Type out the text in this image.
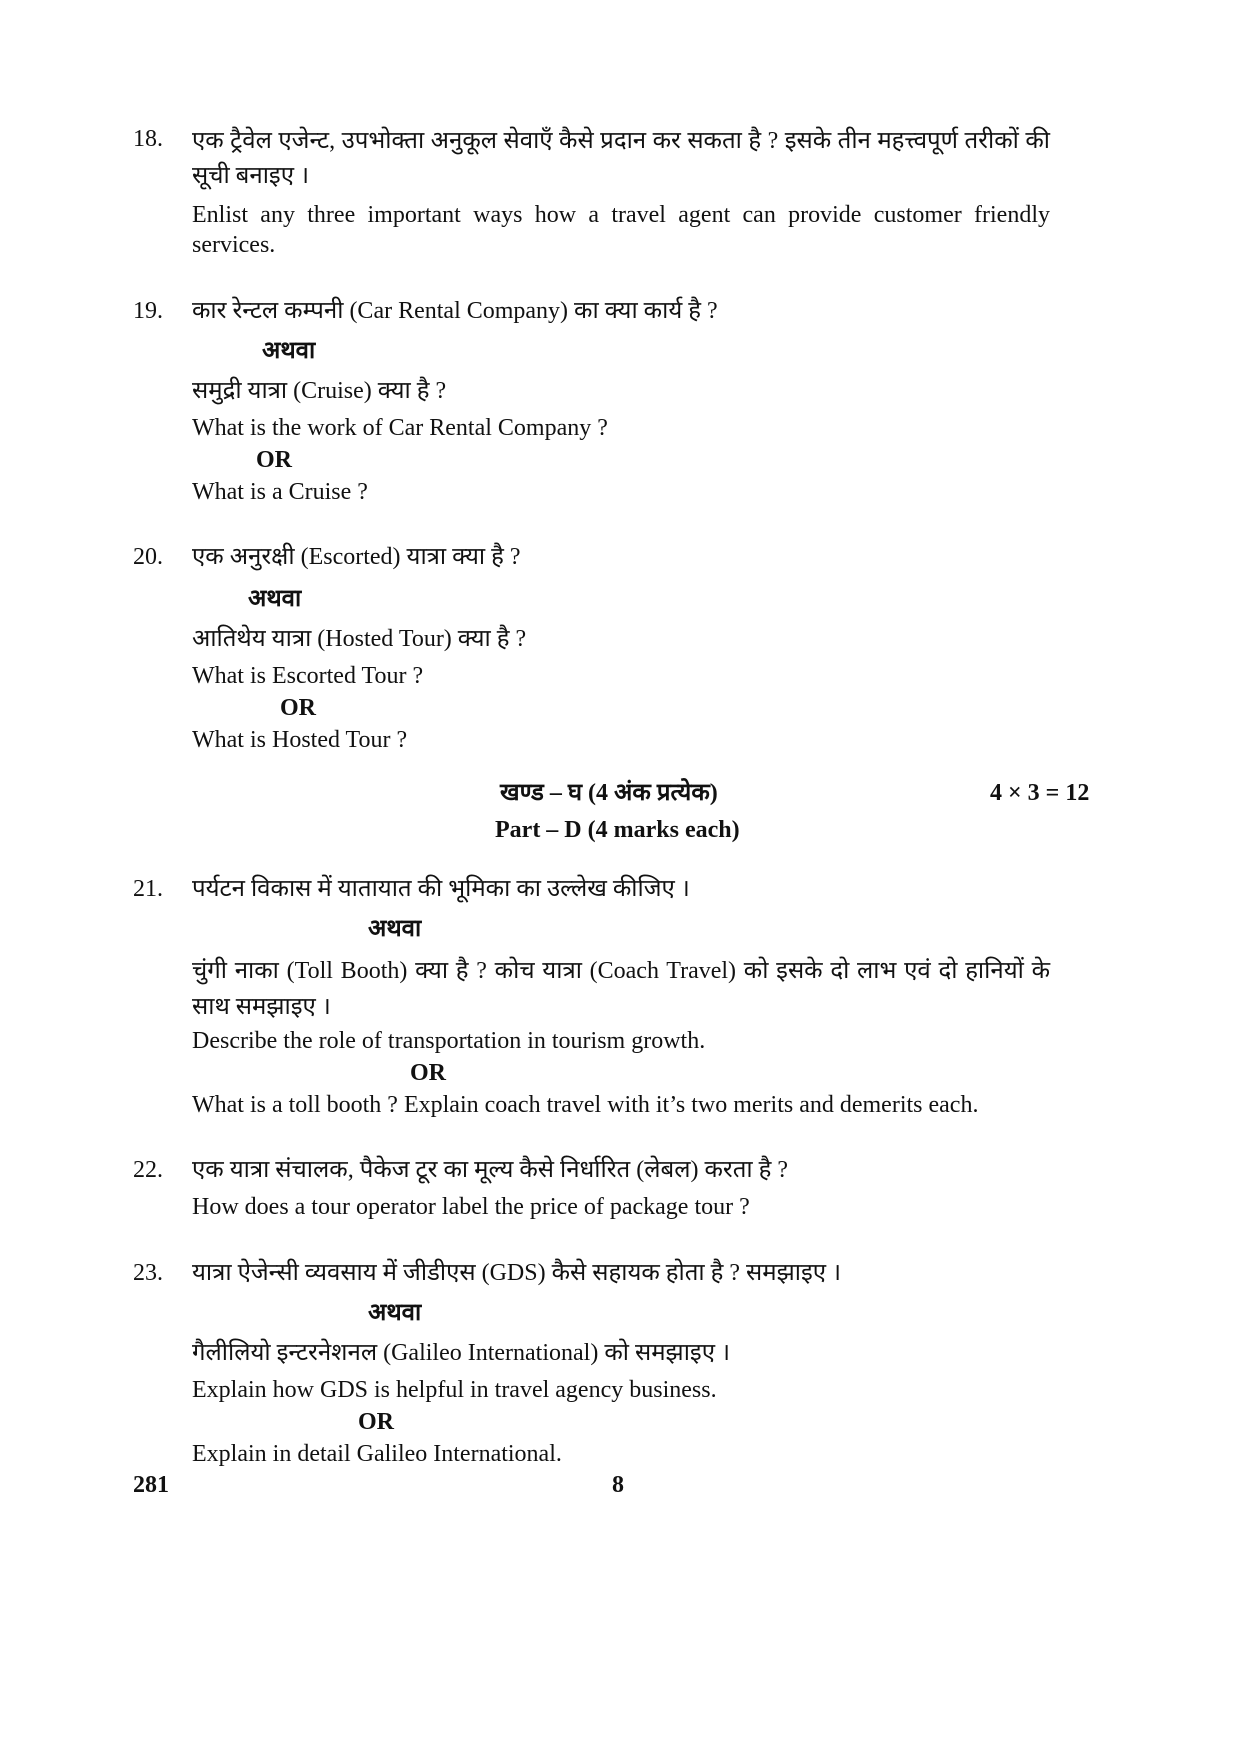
18. एक ट्रैवेल एजेन्ट, उपभोक्ता अनुकूल सेवाएँ कैसे प्रदान कर सकता है ? इसके तीन महत्त्वपूर्ण तरीकों की सूची बनाइए ।
Enlist any three important ways how a travel agent can provide customer friendly services.
19. कार रेन्टल कम्पनी (Car Rental Company) का क्या कार्य है ?
अथवा
समुद्री यात्रा (Cruise) क्या है ?
What is the work of Car Rental Company ?
OR
What is a Cruise ?
20. एक अनुरक्षी (Escorted) यात्रा क्या है ?
अथवा
आतिथेय यात्रा (Hosted Tour) क्या है ?
What is Escorted Tour ?
OR
What is Hosted Tour ?
खण्ड – घ (4 अंक प्रत्येक)	4 × 3 = 12
Part – D (4 marks each)
21. पर्यटन विकास में यातायात की भूमिका का उल्लेख कीजिए ।
अथवा
चुंगी नाका (Toll Booth) क्या है ? कोच यात्रा (Coach Travel) को इसके दो लाभ एवं दो हानियों के साथ समझाइए ।
Describe the role of transportation in tourism growth.
OR
What is a toll booth ? Explain coach travel with it’s two merits and demerits each.
22. एक यात्रा संचालक, पैकेज टूर का मूल्य कैसे निर्धारित (लेबल) करता है ?
How does a tour operator label the price of package tour ?
23. यात्रा ऐजेन्सी व्यवसाय में जीडीएस (GDS) कैसे सहायक होता है ? समझाइए ।
अथवा
गैलीलियो इन्टरनेशनल (Galileo International) को समझाइए ।
Explain how GDS is helpful in travel agency business.
OR
Explain in detail Galileo International.
281	8
